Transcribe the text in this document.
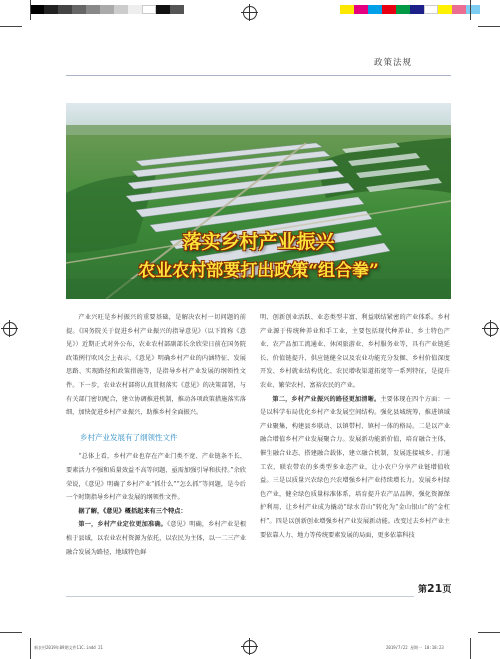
政策法规
落实乡村产业振兴
农业农村部要打出政策“组合拳”

产业兴旺是乡村振兴的重要基础，是解决农村一切问题的前提。《国务院关于促进乡村产业振兴的指导意见》（以下简称《意见》）近期正式对外公布，农业农村部副部长余欣荣日前在国务院政策例行吹风会上表示，《意见》明确乡村产业的内涵特征、发展思路、实现路径和政策措施等，是指导乡村产业发展的纲领性文件。下一步，农业农村部将认真贯彻落实《意见》的决策部署，与有关部门密切配合，建立协调推进机制，推动各项政策措施落实落细，加快促进乡村产业振兴，助推乡村全面振兴。

乡村产业发展有了纲领性文件

“总体上看，乡村产业也存在产业门类不宽、产业链条不长、要素活力不强和质量效益不高等问题，亟需加强引导和扶持。”余欣荣说，《意见》明确了乡村产业“抓什么”“怎么抓”等问题，是今后一个时期指导乡村产业发展的纲领性文件。

据了解，《意见》概括起来有三个特点：

第一，乡村产业定位更加准确。《意见》明确，乡村产业是根植于县域，以农业农村资源为依托，以农民为主体，以一二三产业融合发展为路径，地域特色鲜

明、创新创业活跃、业态类型丰富、利益联结紧密的产业体系。乡村产业源于传统种养业和手工业，主要包括现代种养业、乡土特色产业、农产品加工流通业、休闲旅游业、乡村服务业等，具有产业链延长、价值链提升、供应链健全以及农业功能充分发掘、乡村价值深度开发、乡村就业结构优化、农民增收渠道拓宽等一系列特征，是提升农业、繁荣农村、富裕农民的产业。

第二，乡村产业振兴的路径更加清晰。主要体现在四个方面：一是以科学布局优化乡村产业发展空间结构。强化县城统筹，推进镇域产业聚集，构建县乡联动、以镇带村、镇村一体的格局。二是以产业融合增值乡村产业发展聚合力。发展新功能新价值，培育融合主体，催生融合业态、搭建融合载体，建立融合机制，发展连接城乡、打通工农、联农带农的多类型多业态产业，让小农户分享产业链增值收益。三是以质量兴农绿色兴农增强乡村产业持续增长力。发展乡村绿色产业，健全绿色质量标准体系，培育提升农产品品牌，强化资源保护利用，让乡村产业成为撬动“绿水青山”转化为“金山银山”的“金杠杆”。四是以创新创业增强乡村产业发展新动能。改变过去乡村产业主要依靠人力、地力等传统要素发展的局面，更多依靠科技

第21页
新农村2019年09期文件11C.indd 21	2019/7/22 星期一 10:18:23
